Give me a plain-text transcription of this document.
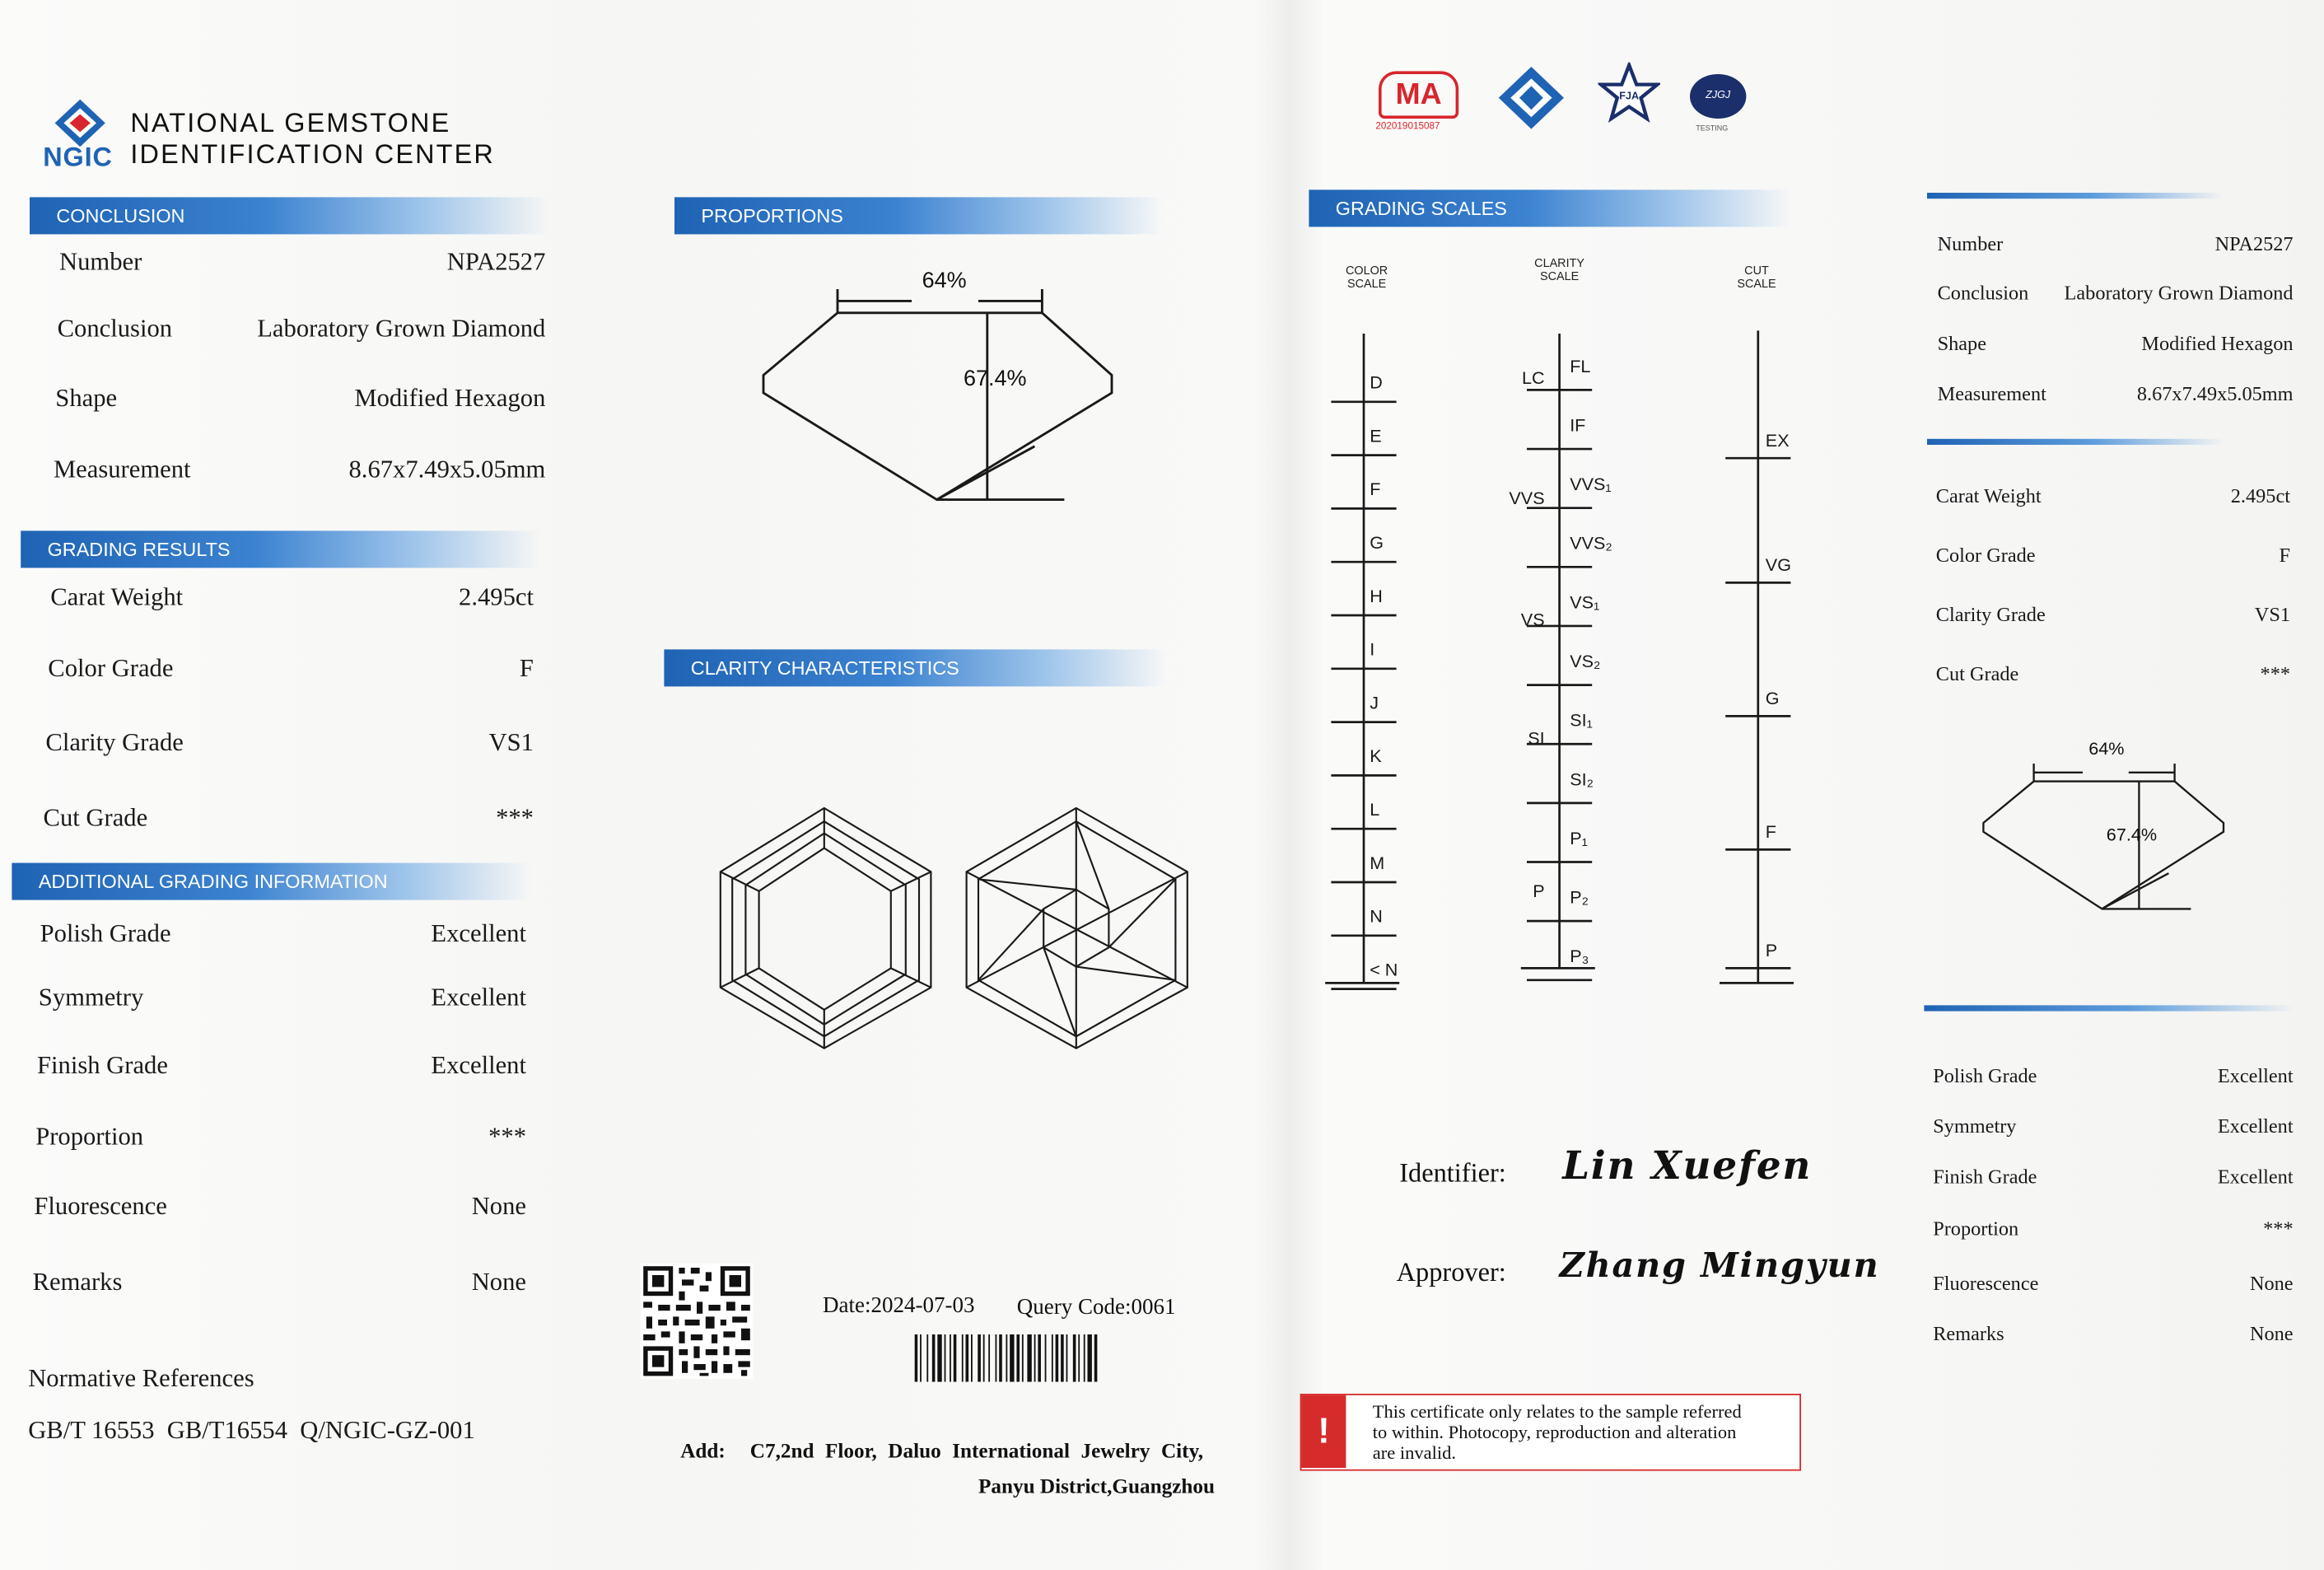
NGIC
NATIONAL GEMSTONE
IDENTIFICATION CENTER
CONCLUSION
Number	NPA2527
Conclusion	Laboratory Grown Diamond
Shape	Modified Hexagon
Measurement	8.67x7.49x5.05mm
GRADING RESULTS
Carat Weight	2.495ct
Color Grade	F
Clarity Grade	VS1
Cut Grade	***
ADDITIONAL GRADING INFORMATION
Polish Grade	Excellent
Symmetry	Excellent
Finish Grade	Excellent
Proportion	***
Fluorescence	None
Remarks	None
Normative References
GB/T 16553  GB/T16554  Q/NGIC-GZ-001
PROPORTIONS
64%
67.4%
CLARITY CHARACTERISTICS
Date:2024-07-03	Query Code:0061
Add: C7,2nd Floor, Daluo International Jewelry City,
Panyu District,Guangzhou
MA
202019015087
FJA	ZJGJ
TESTING
GRADING SCALES
COLOR
SCALE
CLARITY
SCALE	CUT
SCALE
D
E
F
G
H
I
J
K
L
M
N
< N
FL
IF
VVS₁
VVS₂
VS₁
VS₂
SI₁
SI₂
P₁
P₂
P₃
LC
VVS
VS
SI
P
EX
VG
G
F
P
Identifier:	Lin Xuefen
Approver:	Zhang Mingyun
!	This certificate only relates to the sample referred
to within. Photocopy, reproduction and alteration
are invalid.
Number	NPA2527
Conclusion	Laboratory Grown Diamond
Shape	Modified Hexagon
Measurement	8.67x7.49x5.05mm
Carat Weight	2.495ct
Color Grade	F
Clarity Grade	VS1
Cut Grade	***
64%
67.4%
Polish Grade	Excellent
Symmetry	Excellent
Finish Grade	Excellent
Proportion	***
Fluorescence	None
Remarks	None
